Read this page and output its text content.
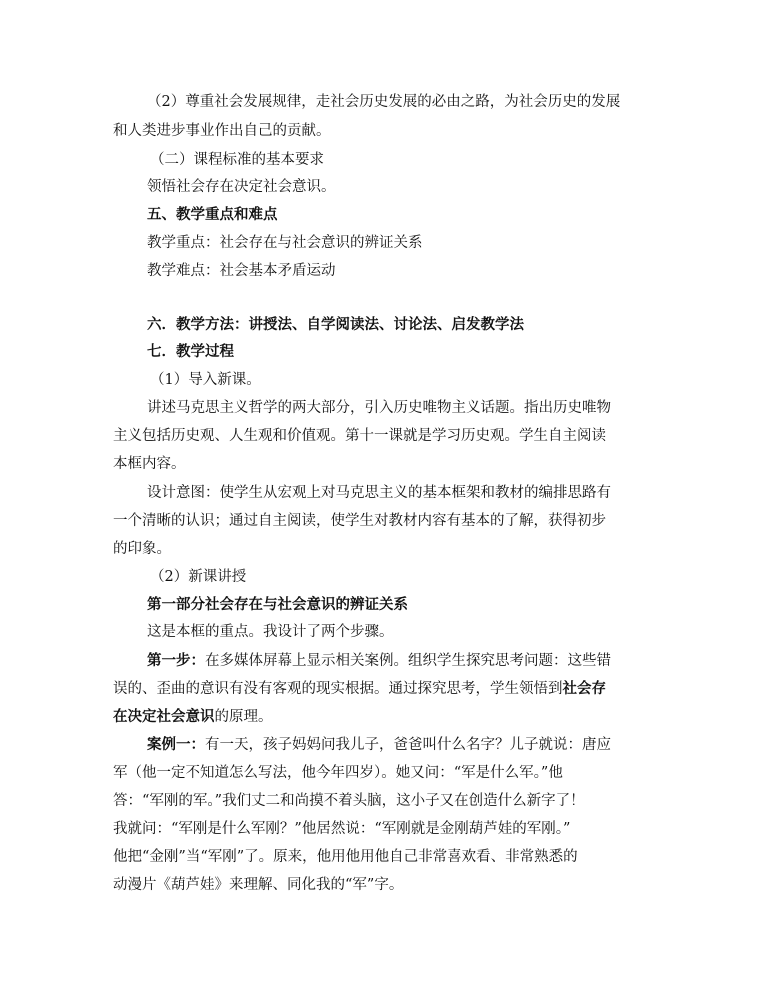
（2）尊重社会发展规律，走社会历史发展的必由之路，为社会历史的发展
和人类进步事业作出自己的贡献。
（二）课程标准的基本要求
领悟社会存在决定社会意识。
五、教学重点和难点
教学重点：社会存在与社会意识的辨证关系
教学难点：社会基本矛盾运动
六．教学方法：讲授法、自学阅读法、讨论法、启发教学法
七．教学过程
（1）导入新课。
讲述马克思主义哲学的两大部分，引入历史唯物主义话题。指出历史唯物
主义包括历史观、人生观和价值观。第十一课就是学习历史观。学生自主阅读
本框内容。
设计意图：使学生从宏观上对马克思主义的基本框架和教材的编排思路有
一个清晰的认识；通过自主阅读，使学生对教材内容有基本的了解，获得初步
的印象。
（2）新课讲授
第一部分社会存在与社会意识的辨证关系
这是本框的重点。我设计了两个步骤。
第一步：在多媒体屏幕上显示相关案例。组织学生探究思考问题：这些错
误的、歪曲的意识有没有客观的现实根据。通过探究思考，学生领悟到社会存
在决定社会意识的原理。
案例一：有一天，孩子妈妈问我儿子，爸爸叫什么名字？儿子就说：唐应
军（他一定不知道怎么写法，他今年四岁）。她又问：“军是什么军。”他
答：“军刚的军。”我们丈二和尚摸不着头脑，这小子又在创造什么新字了！
我就问：“军刚是什么军刚？”他居然说：“军刚就是金刚葫芦娃的军刚。”
他把“金刚”当“军刚”了。原来，他用他用他自己非常喜欢看、非常熟悉的
动漫片《葫芦娃》来理解、同化我的“军”字。
